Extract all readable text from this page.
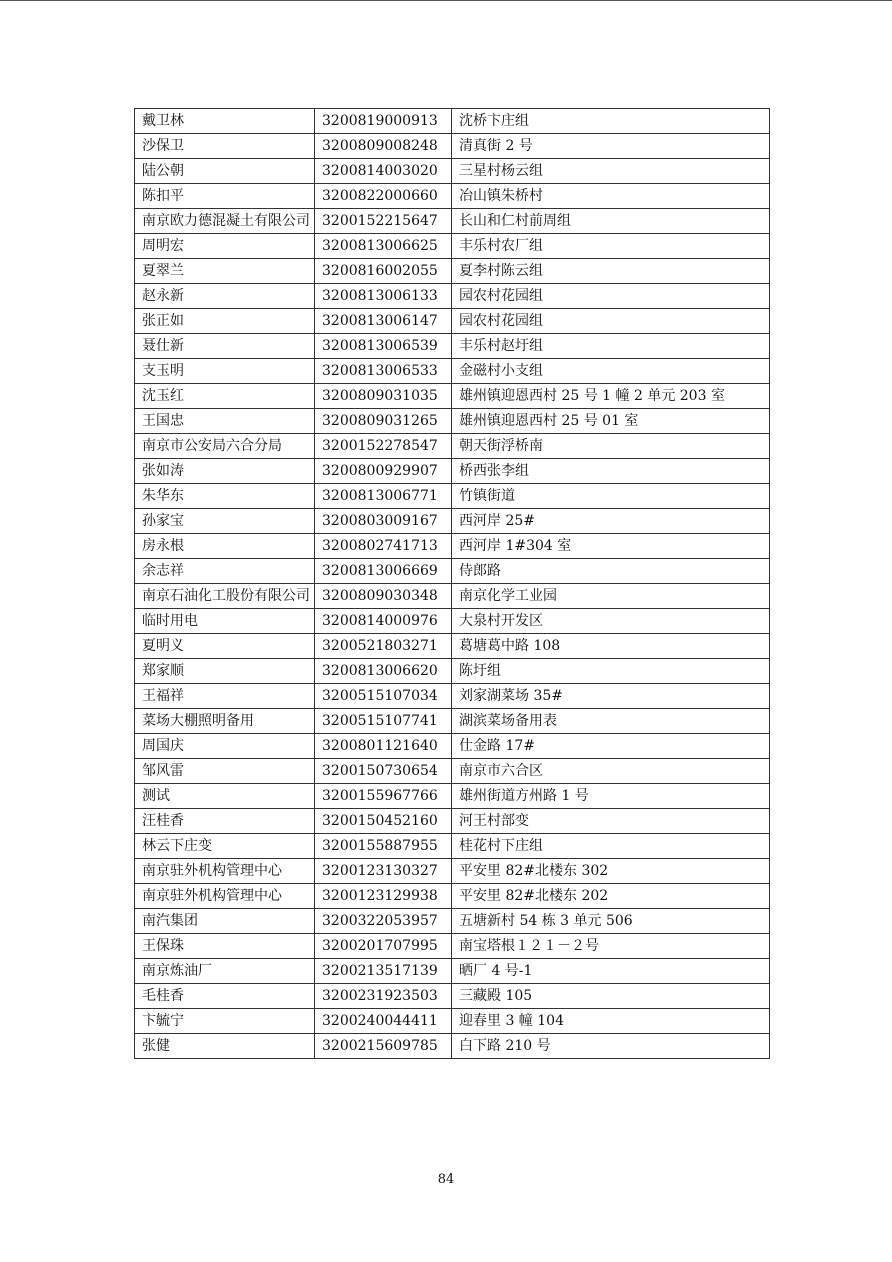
戴卫林	3200819000913	沈桥卞庄组
沙保卫	3200809008248	清真街 2 号
陆公朝	3200814003020	三星村杨云组
陈扣平	3200822000660	冶山镇朱桥村
南京欧力德混凝土有限公司	3200152215647	长山和仁村前周组
周明宏	3200813006625	丰乐村农厂组
夏翠兰	3200816002055	夏李村陈云组
赵永新	3200813006133	园农村花园组
张正如	3200813006147	园农村花园组
聂仕新	3200813006539	丰乐村赵圩组
支玉明	3200813006533	金磁村小支组
沈玉红	3200809031035	雄州镇迎恩西村 25 号 1 幢 2 单元 203 室
王国忠	3200809031265	雄州镇迎恩西村 25 号 01 室
南京市公安局六合分局	3200152278547	朝天街浮桥南
张如涛	3200800929907	桥西张李组
朱华东	3200813006771	竹镇街道
孙家宝	3200803009167	西河岸 25#
房永根	3200802741713	西河岸 1#304 室
余志祥	3200813006669	侍郎路
南京石油化工股份有限公司	3200809030348	南京化学工业园
临时用电	3200814000976	大泉村开发区
夏明义	3200521803271	葛塘葛中路 108
郑家顺	3200813006620	陈圩组
王福祥	3200515107034	刘家湖菜场 35#
菜场大棚照明备用	3200515107741	湖滨菜场备用表
周国庆	3200801121640	仕金路 17#
邹风雷	3200150730654	南京市六合区
测试	3200155967766	雄州街道方州路 1 号
汪桂香	3200150452160	河王村部变
林云下庄变	3200155887955	桂花村下庄组
南京驻外机构管理中心	3200123130327	平安里 82#北楼东 302
南京驻外机构管理中心	3200123129938	平安里 82#北楼东 202
南汽集团	3200322053957	五塘新村 54 栋 3 单元 506
王保珠	3200201707995	南宝塔根１２１－２号
南京炼油厂	3200213517139	晒厂 4 号-1
毛桂香	3200231923503	三藏殿 105
卞毓宁	3200240044411	迎春里 3 幢 104
张健	3200215609785	白下路 210 号
84
